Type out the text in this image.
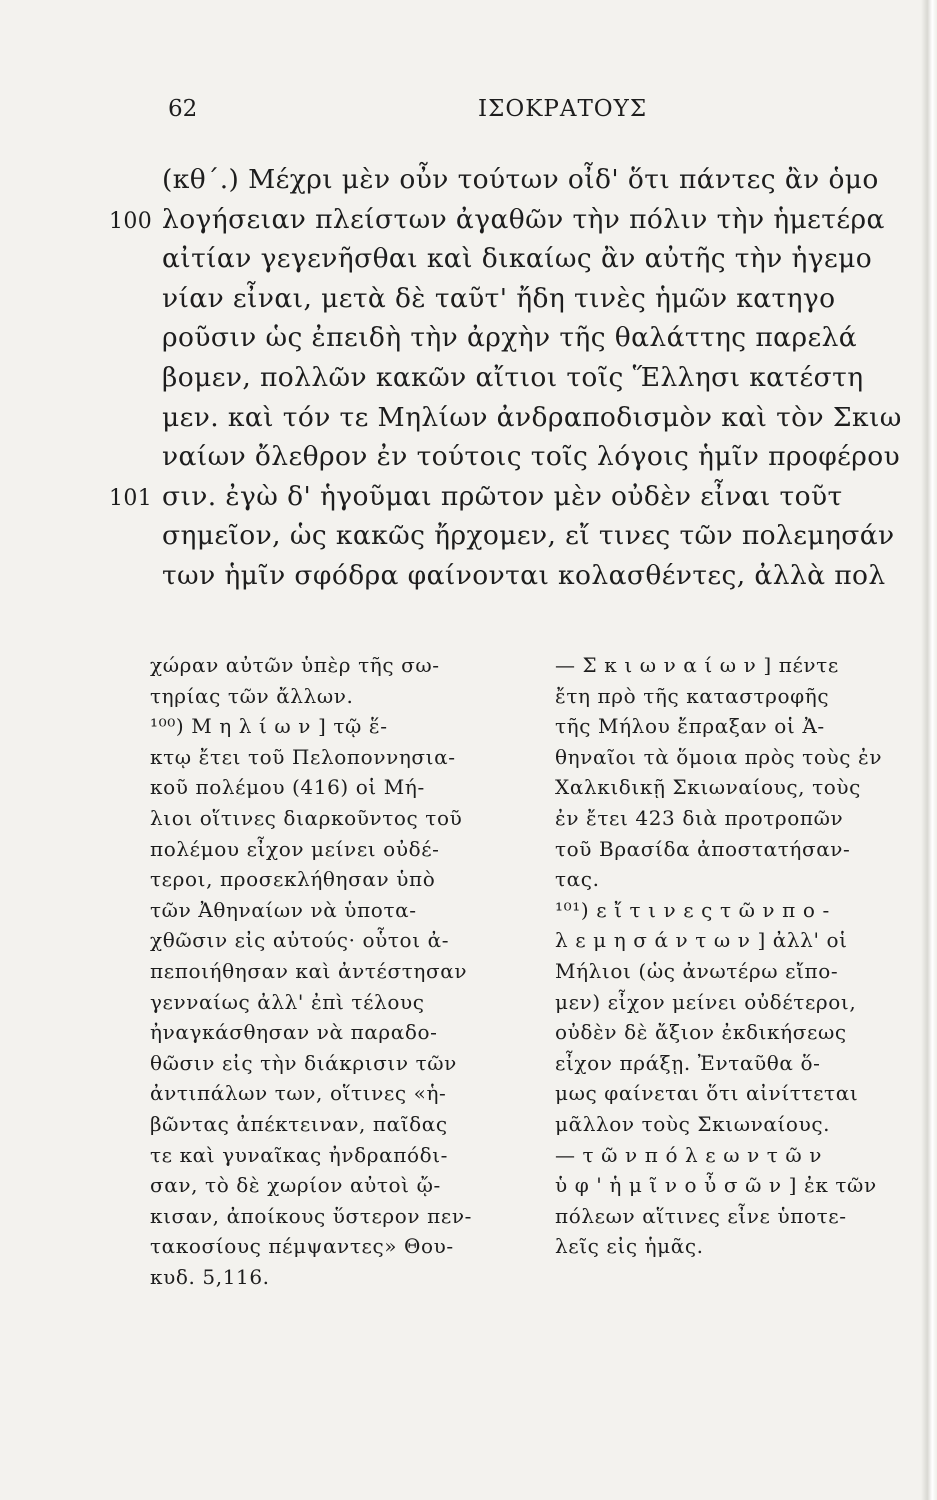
62	ΙΣΟΚΡΑΤΟΥΣ
(κθ΄.) Μέχρι μὲν οὖν τούτων οἶδ' ὅτι πάντες ἂν ὁμο
100 λογήσειαν πλείστων ἀγαθῶν τὴν πόλιν τὴν ἡμετέρα
αἰτίαν γεγενῆσθαι καὶ δικαίως ἂν αὐτῆς τὴν ἡγεμο
νίαν εἶναι, μετὰ δὲ ταῦτ' ἤδη τινὲς ἡμῶν κατηγο
ροῦσιν ὡς ἐπειδὴ τὴν ἀρχὴν τῆς θαλάττης παρελά
βομεν, πολλῶν κακῶν αἴτιοι τοῖς Ἕλλησι κατέστη
μεν. καὶ τόν τε Μηλίων ἀνδραποδισμὸν καὶ τὸν Σκιω
ναίων ὄλεθρον ἐν τούτοις τοῖς λόγοις ἡμῖν προφέρου
101 σιν. ἐγὼ δ' ἡγοῦμαι πρῶτον μὲν οὐδὲν εἶναι τοῦτ
σημεῖον, ὡς κακῶς ἤρχομεν, εἴ τινες τῶν πολεμησάν
των ἡμῖν σφόδρα φαίνονται κολασθέντες, ἀλλὰ πολ
χώραν αὐτῶν ὑπὲρ τῆς σω-
τηρίας τῶν ἄλλων.
¹⁰⁰) Μ η λ ί ω ν ] τῷ ἕ-
κτῳ ἔτει τοῦ Πελοποννησια-
κοῦ πολέμου (416) οἱ Μή-
λιοι οἵτινες διαρκοῦντος τοῦ
πολέμου εἶχον μείνει οὐδέ-
τεροι, προσεκλήθησαν ὑπὸ
τῶν Ἀθηναίων νὰ ὑποτα-
χθῶσιν εἰς αὐτούς· οὗτοι ἀ-
πεποιήθησαν καὶ ἀντέστησαν
γενναίως ἀλλ' ἐπὶ τέλους
ἠναγκάσθησαν νὰ παραδο-
θῶσιν εἰς τὴν διάκρισιν τῶν
ἀντιπάλων των, οἵτινες «ἡ-
βῶντας ἀπέκτειναν, παῖδας
τε καὶ γυναῖκας ἠνδραπόδι-
σαν, τὸ δὲ χωρίον αὐτοὶ ᾤ-
κισαν, ἀποίκους ὕστερον πεν-
τακοσίους πέμψαντες» Θου-
κυδ. 5,116.
— Σ κ ι ω ν α ί ω ν ] πέντε
ἔτη πρὸ τῆς καταστροφῆς
τῆς Μήλου ἔπραξαν οἱ Ἀ-
θηναῖοι τὰ ὅμοια πρὸς τοὺς ἐν
Χαλκιδικῇ Σκιωναίους, τοὺς
ἐν ἔτει 423 διὰ προτροπῶν
τοῦ Βρασίδα ἀποστατήσαν-
τας.
¹⁰¹) ε ἴ τ ι ν ε ς τ ῶ ν π ο -
λ ε μ η σ ά ν τ ω ν ] ἀλλ' οἱ
Μήλιοι (ὡς ἀνωτέρω εἴπο-
μεν) εἶχον μείνει οὐδέτεροι,
οὐδὲν δὲ ἄξιον ἐκδικήσεως
εἶχον πράξῃ. Ἐνταῦθα ὅ-
μως φαίνεται ὅτι αἰνίττεται
μᾶλλον τοὺς Σκιωναίους.
— τ ῶ ν π ό λ ε ω ν τ ῶ ν
ὑ φ ' ἡ μ ῖ ν ο ὖ σ ῶ ν ] ἐκ τῶν
πόλεων αἵτινες εἶνε ὑποτε-
λεῖς εἰς ἡμᾶς.
